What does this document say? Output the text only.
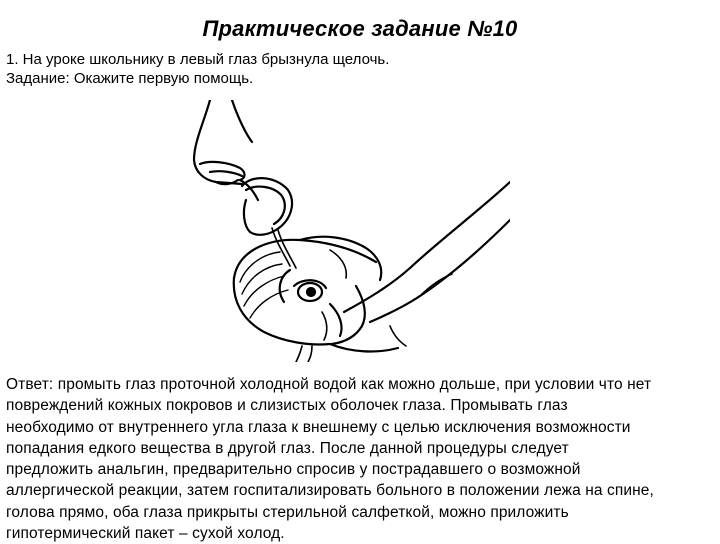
Практическое задание №10
1. На уроке школьнику в левый глаз брызнула щелочь.
Задание: Окажите первую помощь.
Ответ: промыть глаз проточной холодной водой как можно дольше, при условии что нет
повреждений кожных покровов и слизистых оболочек глаза. Промывать глаз
необходимо от внутреннего угла глаза к внешнему с целью исключения возможности
попадания едкого вещества в другой глаз. После данной процедуры следует
предложить анальгин, предварительно спросив у пострадавшего о возможной
аллергической реакции, затем госпитализировать больного в положении лежа на спине,
голова прямо, оба глаза прикрыты стерильной салфеткой, можно приложить
гипотермический пакет – сухой холод.
